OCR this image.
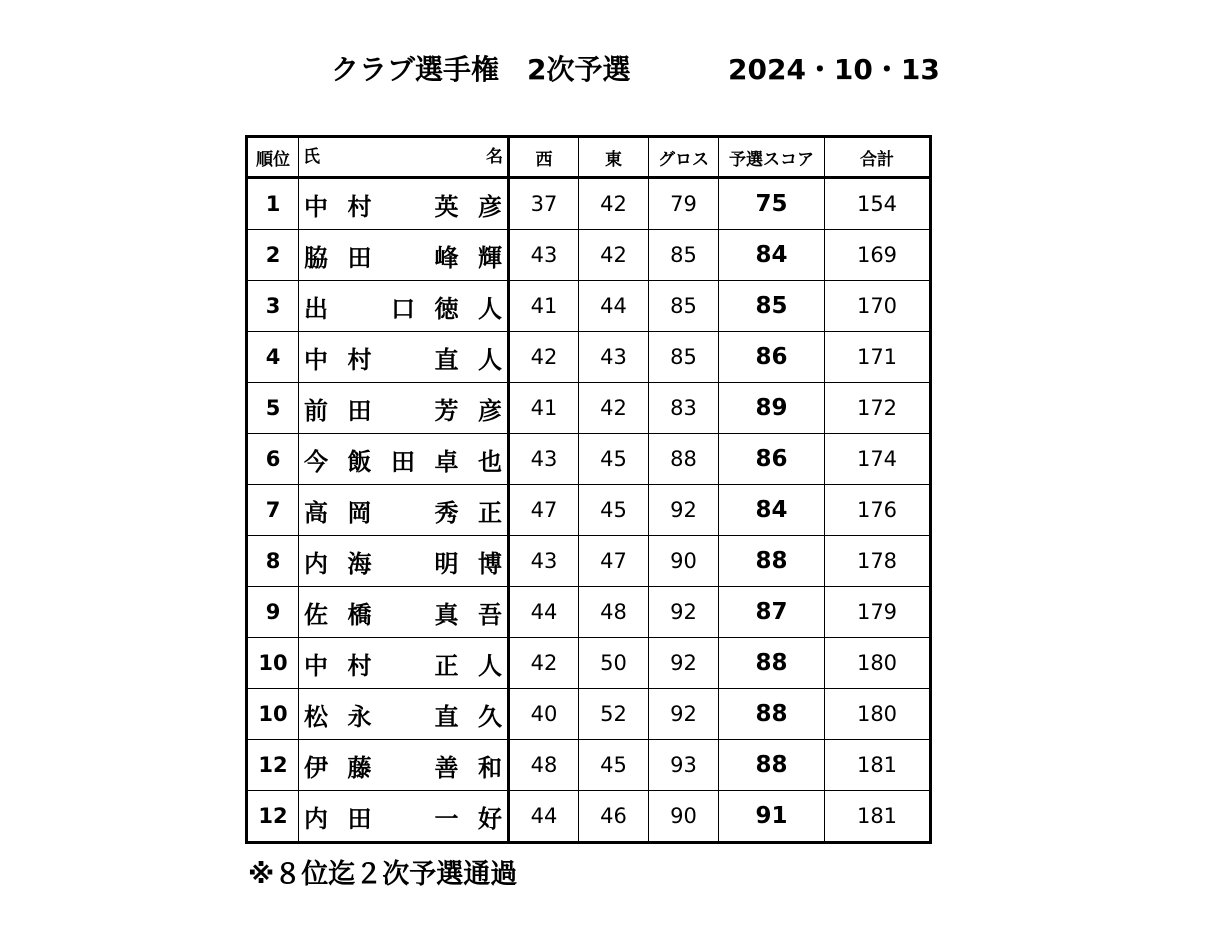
クラブ選手権　2次予選	2024・10・13
順位	氏 名	西	東	グロス	予選スコア	合計
1	中 村 英 彦	37	42	79	75	154
2	脇 田 峰 輝	43	42	85	84	169
3	出 口 徳 人	41	44	85	85	170
4	中 村 直 人	42	43	85	86	171
5	前 田 芳 彦	41	42	83	89	172
6	今 飯 田 卓 也	43	45	88	86	174
7	高 岡 秀 正	47	45	92	84	176
8	内 海 明 博	43	47	90	88	178
9	佐 橋 真 吾	44	48	92	87	179
10	中 村 正 人	42	50	92	88	180
10	松 永 直 久	40	52	92	88	180
12	伊 藤 善 和	48	45	93	88	181
12	内 田 一 好	44	46	90	91	181
※８位迄２次予選通過
